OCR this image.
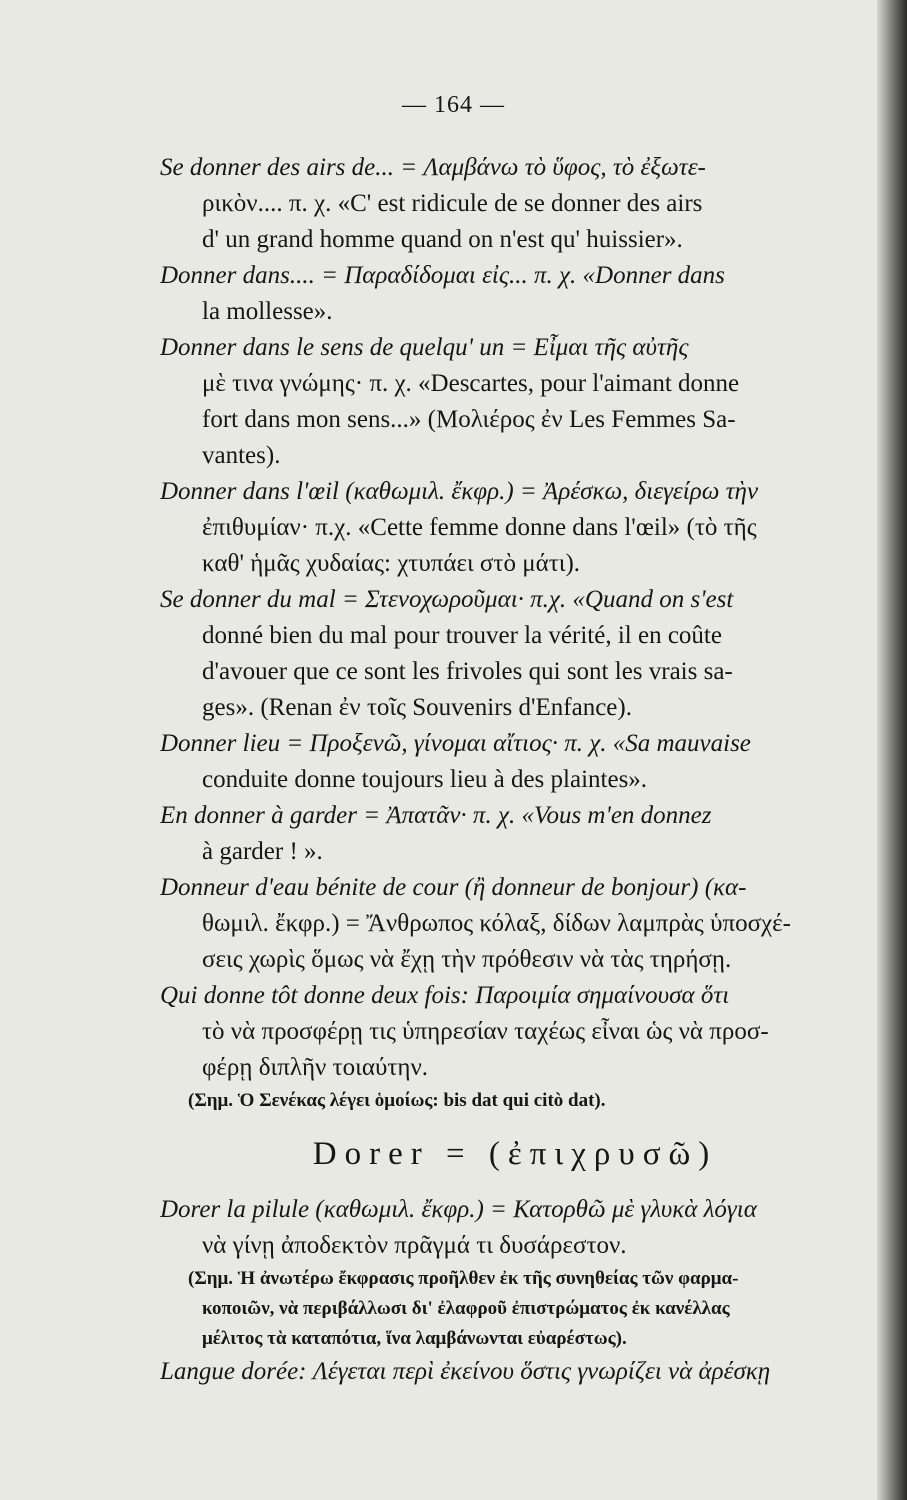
— 164 —
Se donner des airs de... = Λαμβάνω τὸ ὕφος, τὸ ἐξωτε-
ρικὸν.... π. χ. «C' est ridicule de se donner des airs
d' un grand homme quand on n'est qu' huissier».
Donner dans.... = Παραδίδομαι εἰς... π. χ. «Donner dans
la mollesse».
Donner dans le sens de quelqu' un = Εἶμαι τῆς αὐτῆς
μὲ τινα γνώμης· π. χ. «Descartes, pour l'aimant donne
fort dans mon sens...» (Μολιέρος ἐν Les Femmes Sa-
vantes).
Donner dans l'œil (καθωμιλ. ἔκφρ.) = Ἀρέσκω, διεγείρω τὴν
ἐπιθυμίαν· π.χ. «Cette femme donne dans l'œil» (τὸ τῆς
καθ' ἡμᾶς χυδαίας: χτυπάει στὸ μάτι).
Se donner du mal = Στενοχωροῦμαι· π.χ. «Quand on s'est
donné bien du mal pour trouver la vérité, il en coûte
d'avouer que ce sont les frivoles qui sont les vrais sa-
ges». (Renan ἐν τοῖς Souvenirs d'Enfance).
Donner lieu = Προξενῶ, γίνομαι αἴτιος· π. χ. «Sa mauvaise
conduite donne toujours lieu à des plaintes».
En donner à garder = Ἀπατᾶν· π. χ. «Vous m'en donnez
à garder ! ».
Donneur d'eau bénite de cour (ἢ donneur de bonjour) (κα-
θωμιλ. ἔκφρ.) = Ἄνθρωπος κόλαξ, δίδων λαμπρὰς ὑποσχέ-
σεις χωρὶς ὅμως νὰ ἔχῃ τὴν πρόθεσιν νὰ τὰς τηρήσῃ.
Qui donne tôt donne deux fois: Παροιμία σημαίνουσα ὅτι
τὸ νὰ προσφέρῃ τις ὑπηρεσίαν ταχέως εἶναι ὡς νὰ προσ-
φέρῃ διπλῆν τοιαύτην.
(Σημ. Ὁ Σενέκας λέγει ὁμοίως: bis dat qui citò dat).
Dorer = (ἐπιχρυσῶ)
Dorer la pilule (καθωμιλ. ἔκφρ.) = Κατορθῶ μὲ γλυκὰ λόγια
νὰ γίνῃ ἀποδεκτὸν πρᾶγμά τι δυσάρεστον.
(Σημ. Ἡ ἀνωτέρω ἔκφρασις προῆλθεν ἐκ τῆς συνηθείας τῶν φαρμα-
κοποιῶν, νὰ περιβάλλωσι δι' ἐλαφροῦ ἐπιστρώματος ἐκ κανέλλας
μέλιτος τὰ καταπότια, ἵνα λαμβάνωνται εὐαρέστως).
Langue dorée: Λέγεται περὶ ἐκείνου ὅστις γνωρίζει νὰ ἀρέσκῃ
